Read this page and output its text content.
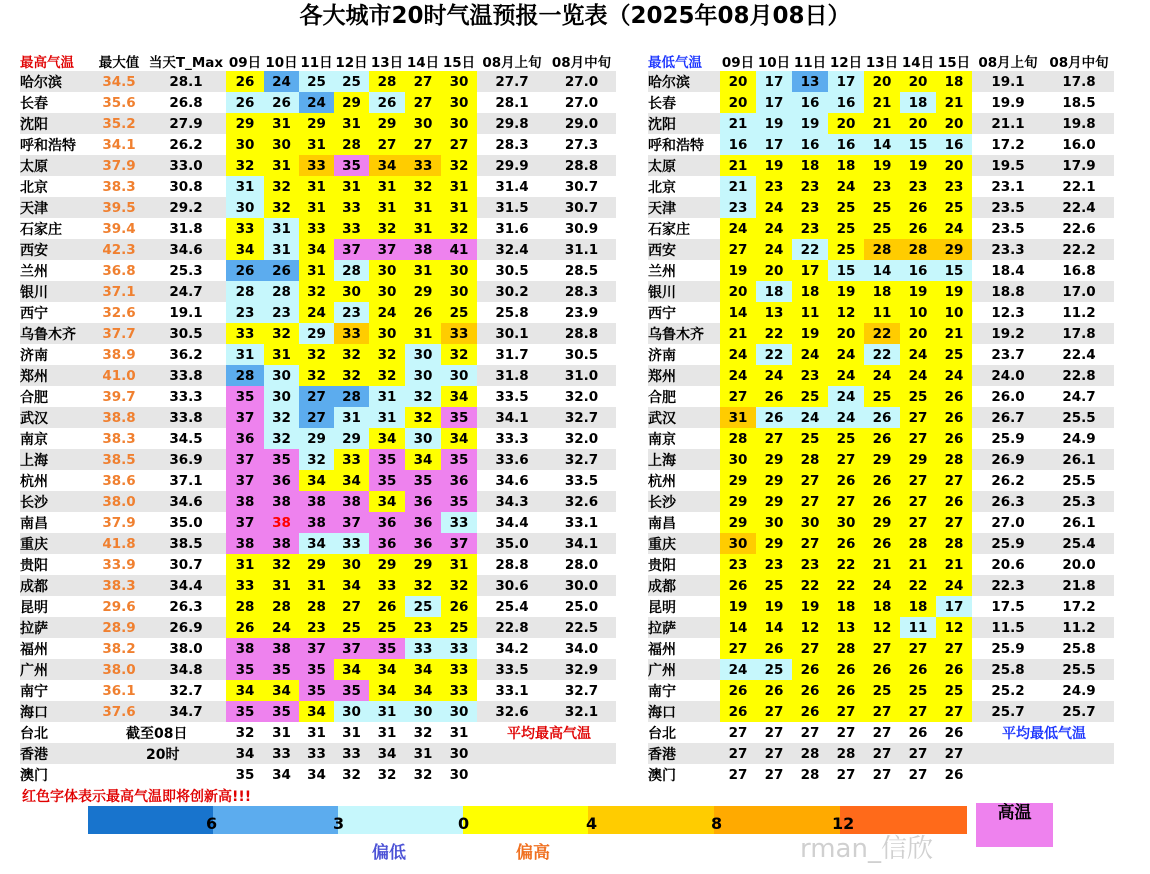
各大城市20时气温预报一览表（2025年08月08日）
最高气温	最大值	当天T_Max	09日	10日	11日	12日	13日	14日	15日	08月上旬	08月中旬
哈尔滨	34.5	28.1	26	24	25	25	28	27	30	27.7	27.0
长春	35.6	26.8	26	26	24	29	26	27	30	28.1	27.0
沈阳	35.2	27.9	29	31	29	31	29	30	30	29.8	29.0
呼和浩特	34.1	26.2	30	30	31	28	27	27	27	28.3	27.3
太原	37.9	33.0	32	31	33	35	34	33	32	29.9	28.8
北京	38.3	30.8	31	32	31	31	31	32	31	31.4	30.7
天津	39.5	29.2	30	32	31	33	31	31	31	31.5	30.7
石家庄	39.4	31.8	33	31	33	33	32	31	32	31.6	30.9
西安	42.3	34.6	34	31	34	37	37	38	41	32.4	31.1
兰州	36.8	25.3	26	26	31	28	30	31	30	30.5	28.5
银川	37.1	24.7	28	28	32	30	30	29	30	30.2	28.3
西宁	32.6	19.1	23	23	24	23	24	26	25	25.8	23.9
乌鲁木齐	37.7	30.5	33	32	29	33	30	31	33	30.1	28.8
济南	38.9	36.2	31	31	32	32	32	30	32	31.7	30.5
郑州	41.0	33.8	28	30	32	32	32	30	30	31.8	31.0
合肥	39.7	33.3	35	30	27	28	31	32	34	33.5	32.0
武汉	38.8	33.8	37	32	27	31	31	32	35	34.1	32.7
南京	38.3	34.5	36	32	29	29	34	30	34	33.3	32.0
上海	38.5	36.9	37	35	32	33	35	34	35	33.6	32.7
杭州	38.6	37.1	37	36	34	34	35	35	36	34.6	33.5
长沙	38.0	34.6	38	38	38	38	34	36	35	34.3	32.6
南昌	37.9	35.0	37	38	38	37	36	36	33	34.4	33.1
重庆	41.8	38.5	38	38	34	33	36	36	37	35.0	34.1
贵阳	33.9	30.7	31	32	29	30	29	29	31	28.8	28.0
成都	38.3	34.4	33	31	31	34	33	32	32	30.6	30.0
昆明	29.6	26.3	28	28	28	27	26	25	26	25.4	25.0
拉萨	28.9	26.9	26	24	23	25	25	23	25	22.8	22.5
福州	38.2	38.0	38	38	37	37	35	33	33	34.2	34.0
广州	38.0	34.8	35	35	35	34	34	34	33	33.5	32.9
南宁	36.1	32.7	34	34	35	35	34	34	33	33.1	32.7
海口	37.6	34.7	35	35	34	30	31	30	30	32.6	32.1
台北			32	31	31	31	31	32	31		
香港			34	33	33	33	34	31	30		
澳门			35	34	34	32	32	32	30		
最低气温	09日	10日	11日	12日	13日	14日	15日	08月上旬	08月中旬
哈尔滨	20	17	13	17	20	20	18	19.1	17.8
长春	20	17	16	16	21	18	21	19.9	18.5
沈阳	21	19	19	20	21	20	20	21.1	19.8
呼和浩特	16	17	16	16	14	15	16	17.2	16.0
太原	21	19	18	18	19	19	20	19.5	17.9
北京	21	23	23	24	23	23	23	23.1	22.1
天津	23	24	23	25	25	26	25	23.5	22.4
石家庄	24	24	23	25	25	26	24	23.5	22.6
西安	27	24	22	25	28	28	29	23.3	22.2
兰州	19	20	17	15	14	16	15	18.4	16.8
银川	20	18	18	19	18	19	19	18.8	17.0
西宁	14	13	11	12	11	10	10	12.3	11.2
乌鲁木齐	21	22	19	20	22	20	21	19.2	17.8
济南	24	22	24	24	22	24	25	23.7	22.4
郑州	24	24	23	24	24	24	24	24.0	22.8
合肥	27	26	25	24	25	25	26	26.0	24.7
武汉	31	26	24	24	26	27	26	26.7	25.5
南京	28	27	25	25	26	27	26	25.9	24.9
上海	30	29	28	27	29	29	28	26.9	26.1
杭州	29	29	27	26	26	27	27	26.2	25.5
长沙	29	29	27	27	26	27	26	26.3	25.3
南昌	29	30	30	30	29	27	27	27.0	26.1
重庆	30	29	27	26	26	28	28	25.9	25.4
贵阳	23	23	23	22	21	21	21	20.6	20.0
成都	26	25	22	22	24	22	24	22.3	21.8
昆明	19	19	19	18	18	18	17	17.5	17.2
拉萨	14	14	12	13	12	11	12	11.5	11.2
福州	27	26	27	28	27	27	27	25.9	25.8
广州	24	25	26	26	26	26	26	25.8	25.5
南宁	26	26	26	26	25	25	25	25.2	24.9
海口	26	27	26	27	27	27	27	25.7	25.7
台北	27	27	27	27	27	26	26		
香港	27	27	28	28	27	27	27		
澳门	27	27	28	27	27	27	26		
截至08日
20时
平均最高气温	平均最低气温
红色字体表示最高气温即将创新高!!!
6	3	0	4	8	12
高温
偏低	偏高	rman_信欣
